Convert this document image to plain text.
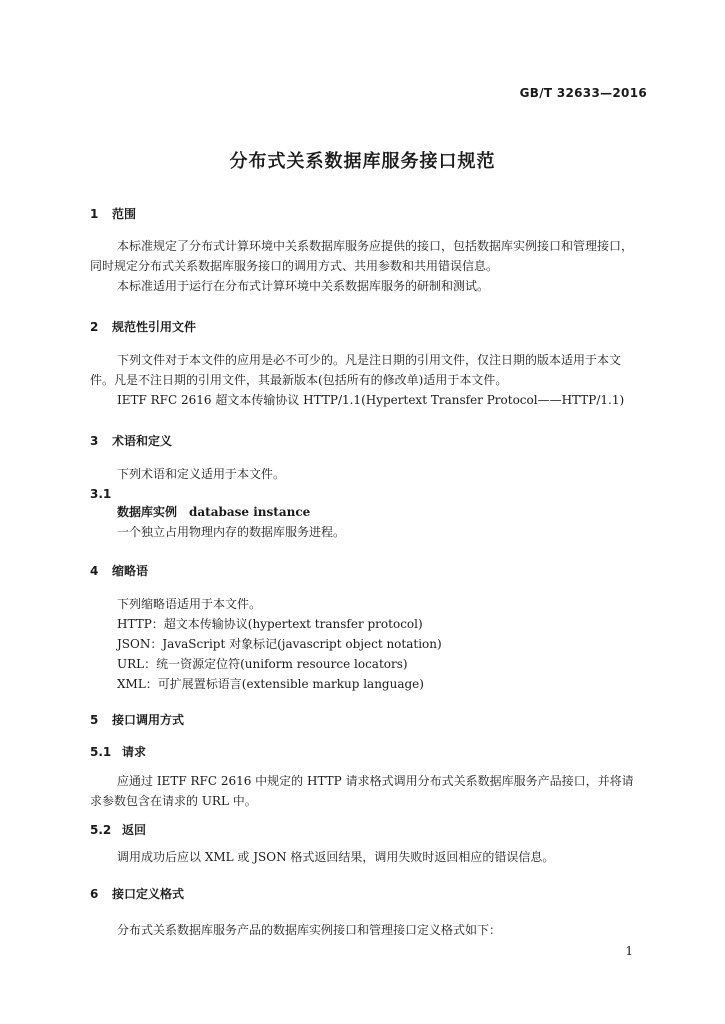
GB/T 32633—2016
分布式关系数据库服务接口规范
1 范围
本标准规定了分布式计算环境中关系数据库服务应提供的接口，包括数据库实例接口和管理接口，
同时规定分布式关系数据库服务接口的调用方式、共用参数和共用错误信息。
本标准适用于运行在分布式计算环境中关系数据库服务的研制和测试。
2 规范性引用文件
下列文件对于本文件的应用是必不可少的。凡是注日期的引用文件，仅注日期的版本适用于本文
件。凡是不注日期的引用文件，其最新版本(包括所有的修改单)适用于本文件。
IETF RFC 2616 超文本传输协议 HTTP/1.1(Hypertext Transfer Protocol——HTTP/1.1)
3 术语和定义
下列术语和定义适用于本文件。
3.1
数据库实例 database instance
一个独立占用物理内存的数据库服务进程。
4 缩略语
下列缩略语适用于本文件。
HTTP：超文本传输协议(hypertext transfer protocol)
JSON：JavaScript 对象标记(javascript object notation)
URL：统一资源定位符(uniform resource locators)
XML：可扩展置标语言(extensible markup language)
5 接口调用方式
5.1 请求
应通过 IETF RFC 2616 中规定的 HTTP 请求格式调用分布式关系数据库服务产品接口，并将请
求参数包含在请求的 URL 中。
5.2 返回
调用成功后应以 XML 或 JSON 格式返回结果，调用失败时返回相应的错误信息。
6 接口定义格式
分布式关系数据库服务产品的数据库实例接口和管理接口定义格式如下：
1
